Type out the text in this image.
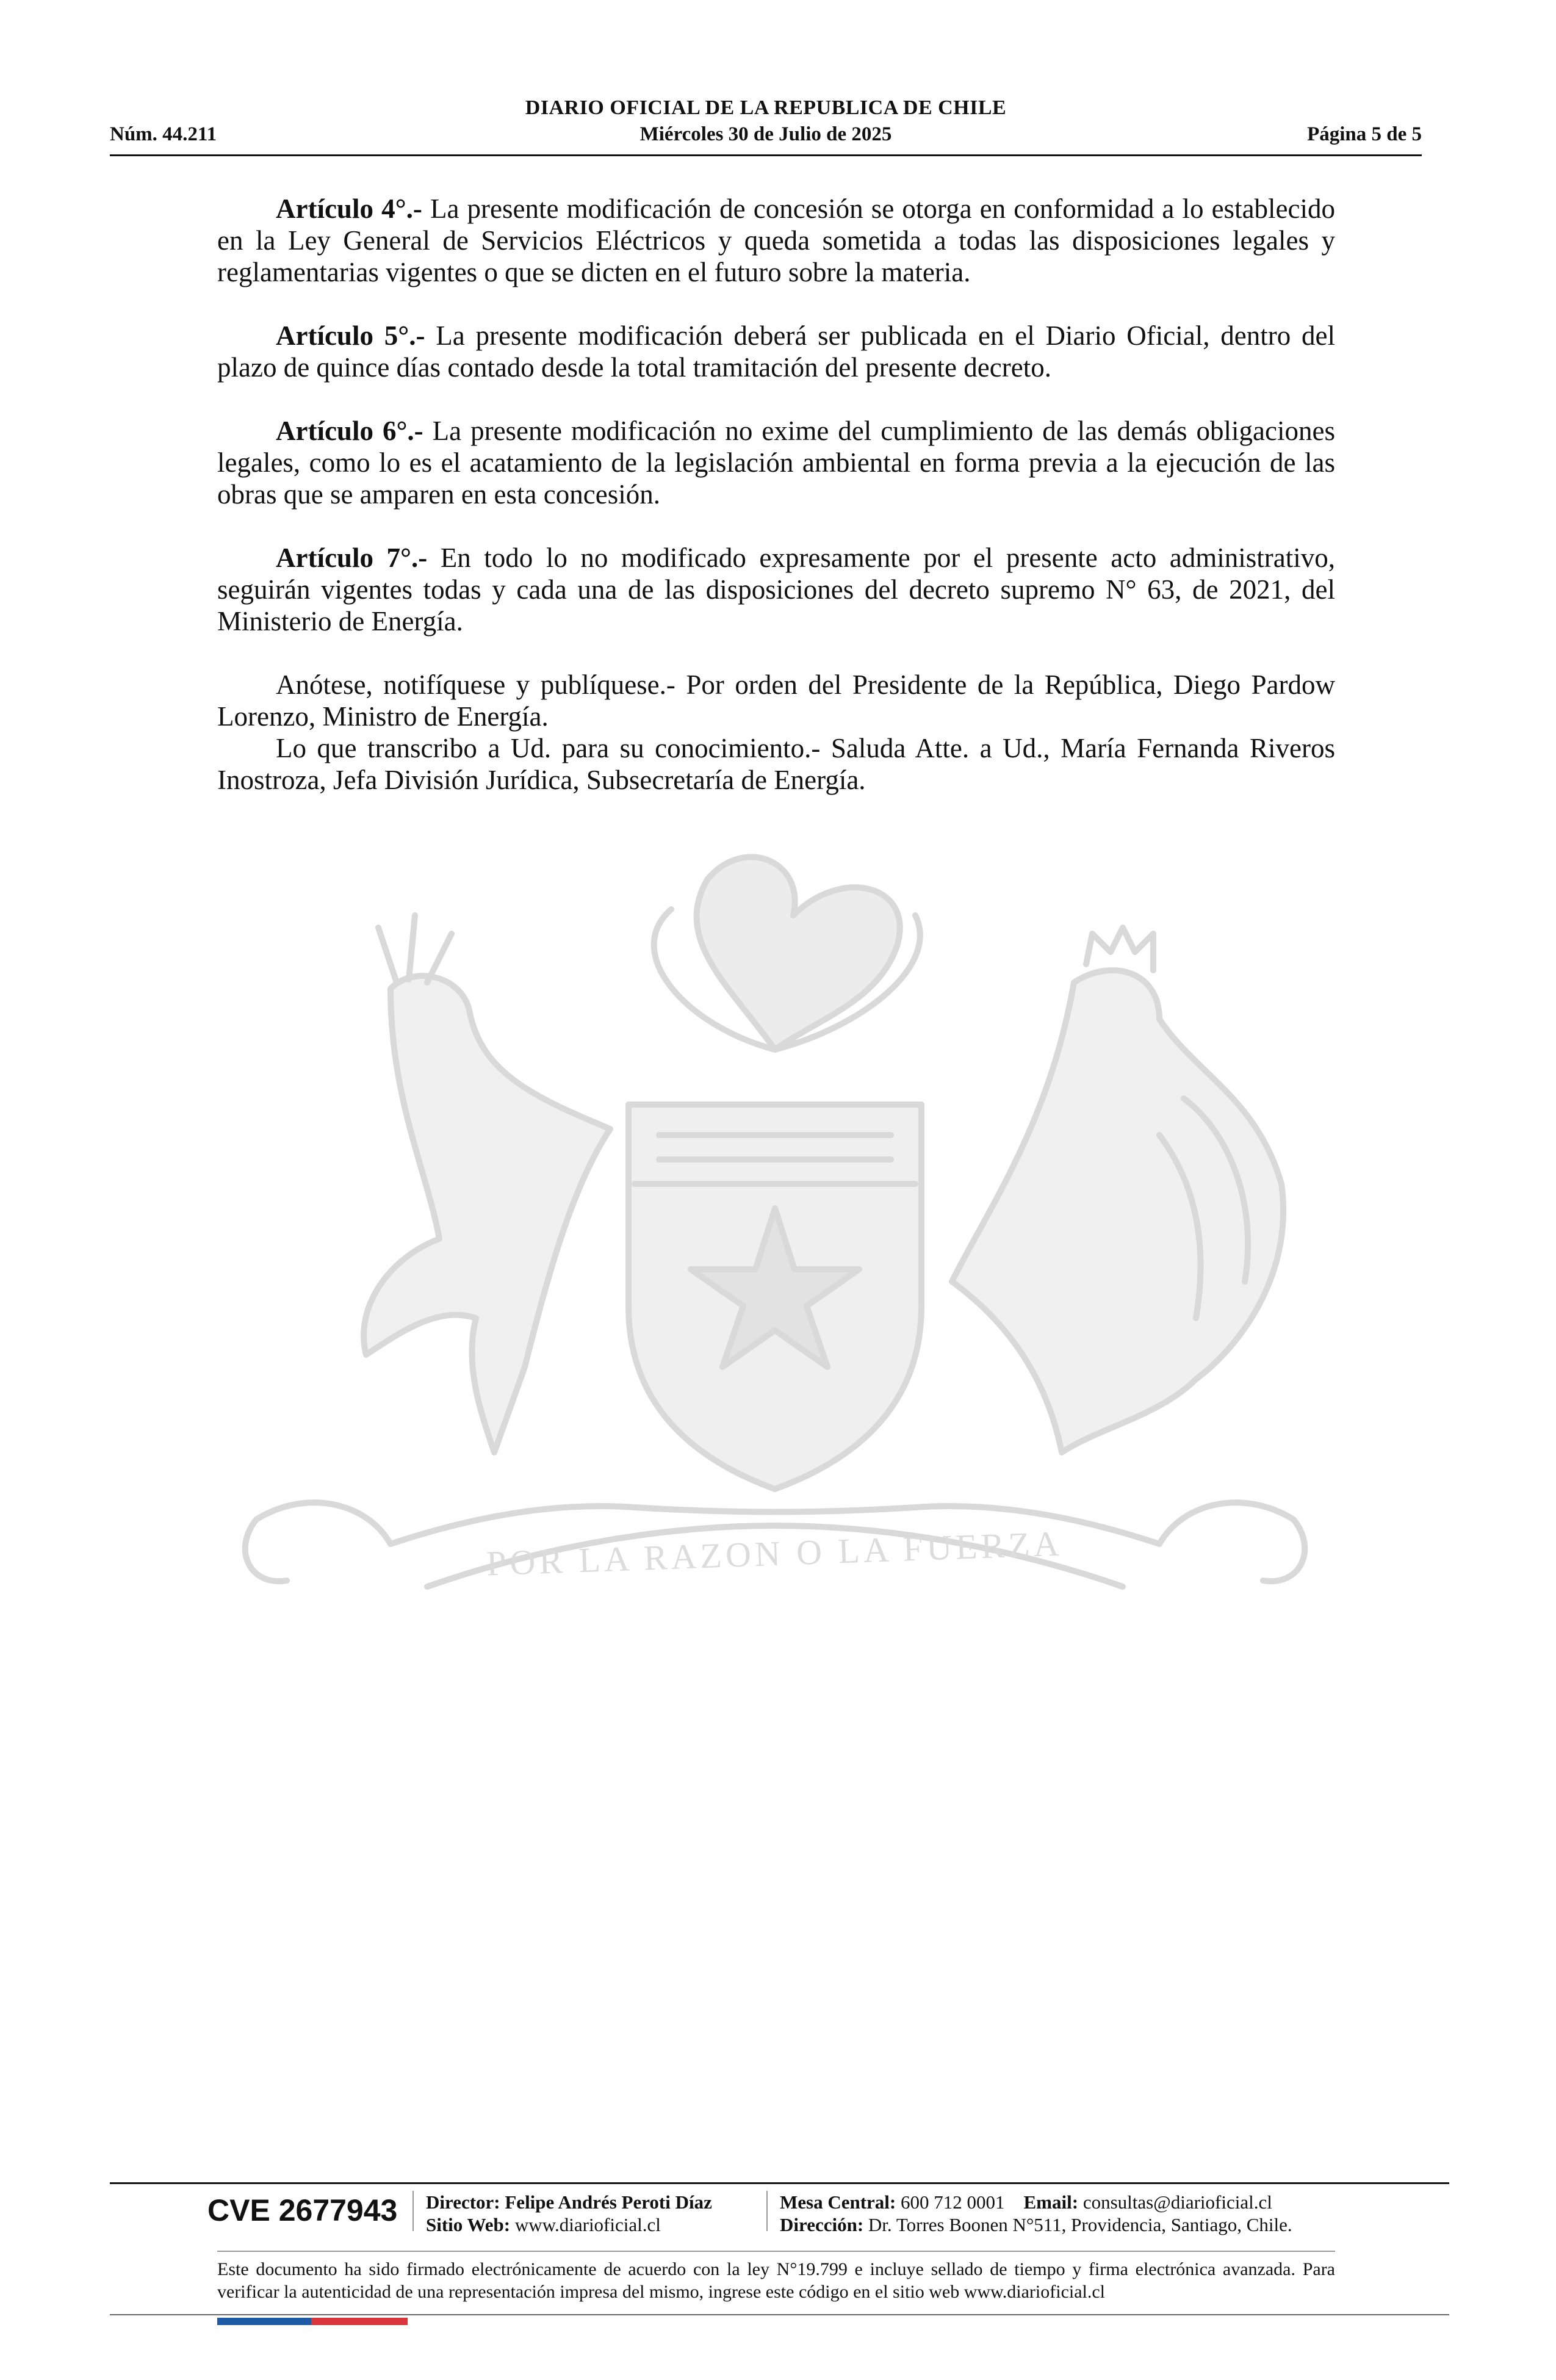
DIARIO OFICIAL DE LA REPUBLICA DE CHILE
Núm. 44.211	Miércoles 30 de Julio de 2025	Página 5 de 5

Artículo 4°.- La presente modificación de concesión se otorga en conformidad a lo establecido en la Ley General de Servicios Eléctricos y queda sometida a todas las disposiciones legales y reglamentarias vigentes o que se dicten en el futuro sobre la materia.

Artículo 5°.- La presente modificación deberá ser publicada en el Diario Oficial, dentro del plazo de quince días contado desde la total tramitación del presente decreto.

Artículo 6°.- La presente modificación no exime del cumplimiento de las demás obligaciones legales, como lo es el acatamiento de la legislación ambiental en forma previa a la ejecución de las obras que se amparen en esta concesión.

Artículo 7°.- En todo lo no modificado expresamente por el presente acto administrativo, seguirán vigentes todas y cada una de las disposiciones del decreto supremo N° 63, de 2021, del Ministerio de Energía.

Anótese, notifíquese y publíquese.- Por orden del Presidente de la República, Diego Pardow Lorenzo, Ministro de Energía.

Lo que transcribo a Ud. para su conocimiento.- Saluda Atte. a Ud., María Fernanda Riveros Inostroza, Jefa División Jurídica, Subsecretaría de Energía.

POR LA RAZON O LA FUERZA
CVE 2677943 Director: Felipe Andrés Peroti Díaz
Sitio Web: www.diarioficial.cl
Mesa Central: 600 712 0001 Email: consultas@diarioficial.cl
Dirección: Dr. Torres Boonen N°511, Providencia, Santiago, Chile.
Este documento ha sido firmado electrónicamente de acuerdo con la ley N°19.799 e incluye sellado de tiempo y firma electrónica avanzada. Para verificar la autenticidad de una representación impresa del mismo, ingrese este código en el sitio web www.diarioficial.cl
